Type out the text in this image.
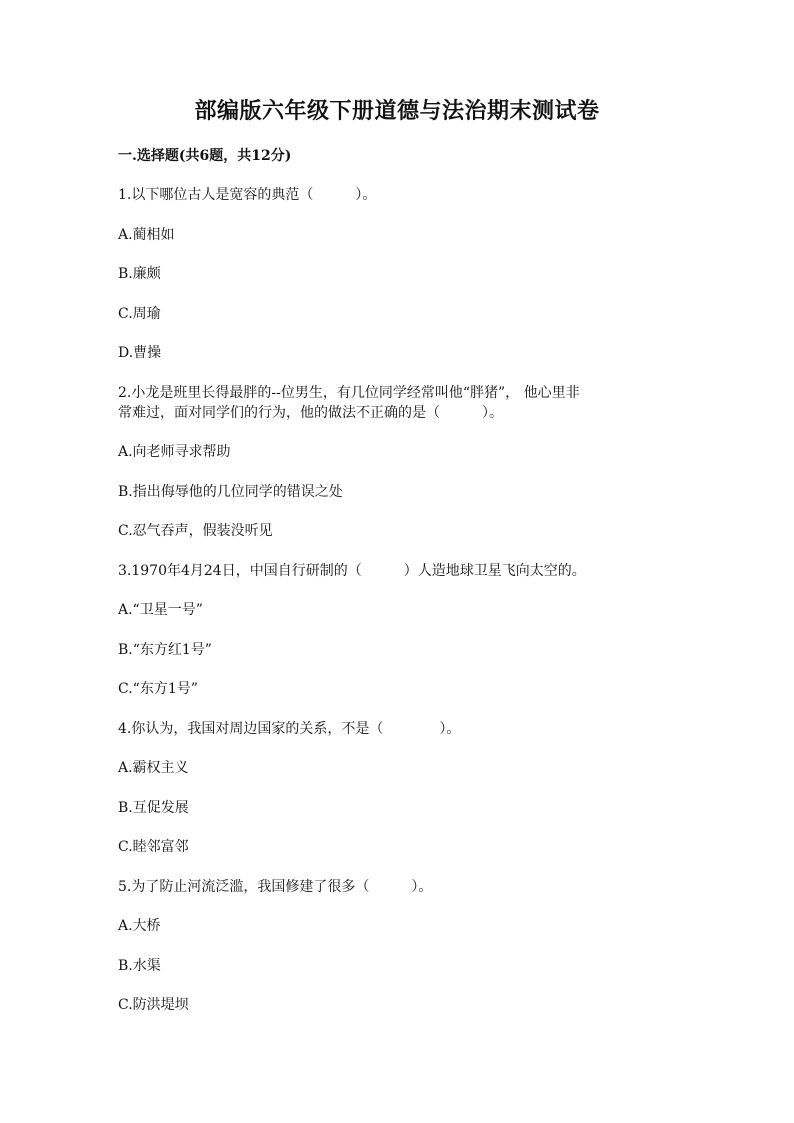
部编版六年级下册道德与法治期末测试卷
一.选择题(共6题，共12分)
1.以下哪位古人是宽容的典范（　　　）。
A.蔺相如
B.廉颇
C.周瑜
D.曹操
2.小龙是班里长得最胖的--位男生，有几位同学经常叫他“胖猪”， 他心里非
常难过，面对同学们的行为，他的做法不正确的是（　　　）。
A.向老师寻求帮助
B.指出侮辱他的几位同学的错误之处
C.忍气吞声，假装没听见
3.1970年4月24日，中国自行研制的（　　　）人造地球卫星飞向太空的。
A.“卫星一号”
B.“东方红1号”
C.“东方1号”
4.你认为，我国对周边国家的关系，不是（　　　　）。
A.霸权主义
B.互促发展
C.睦邻富邻
5.为了防止河流泛滥，我国修建了很多（　　　）。
A.大桥
B.水渠
C.防洪堤坝
